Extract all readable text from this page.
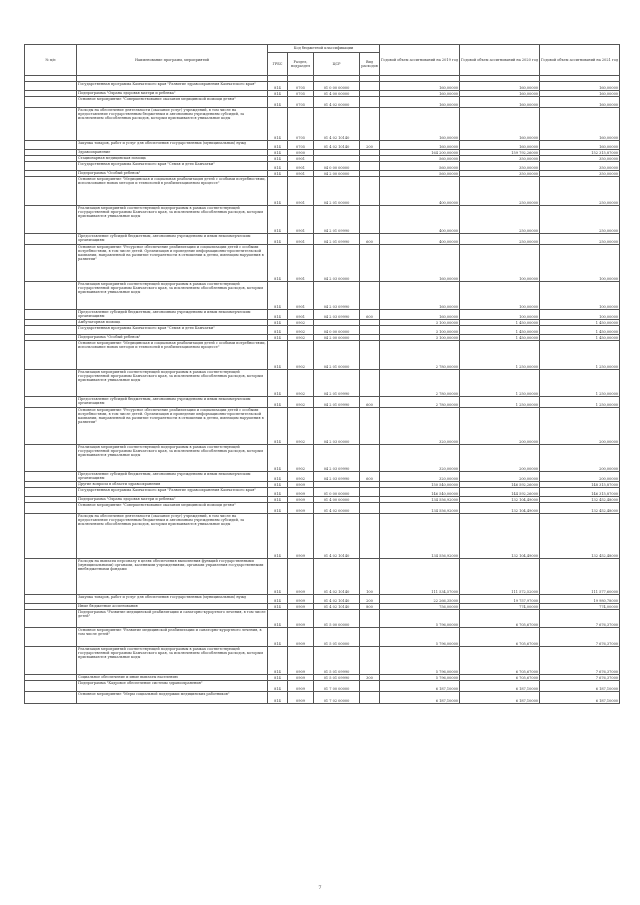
№ п/п	Наименование программ, мероприятий	Код бюджетной классификации				Годовой объем ассигнований на 2019 год	Годовой объем ассигнований на 2020 год	Годовой объем ассигнований на 2021 год
		ГРБС	Раздел, подраздел	ЦСР	Вид расходов			

	Государственная программа Камчатского края "Развитие здравоохранения Камчатского края"	814	0705	01 0 00 00000		160,00000	160,00000	160,00000
	Подпрограмма "Охрана здоровья матери и ребенка"	814	0705	01 4 00 00000		160,00000	160,00000	160,00000
	Основное мероприятие "Совершенствование оказания медицинской помощи детям"	814	0705	01 4 02 00000		160,00000	160,00000	160,00000
	Расходы на обеспечение деятельности (оказание услуг) учреждений, в том числе на предоставление государственным бюджетным и автономным учреждениям субсидий, за исключением обособленных расходов, которым присваиваются уникальные коды	814	0705	01 4 02 10140		160,00000	160,00000	160,00000
	Закупка товаров, работ и услуг для обеспечения государственных (муниципальных) нужд	814	0705	01 4 02 10140	200	160,00000	160,00000	160,00000
	Здравоохранение	814	0900			164 200,00000	159 792,26000	152 315,87000
	Стационарная медицинская помощь	814	0901			560,00000	350,00000	350,00000
	Государственная программа Камчатского края "Семья и дети Камчатки"	814	0901	04 0 00 00000		560,00000	350,00000	350,00000
	Подпрограмма "Особый ребенок"	814	0901	04 2 00 00000		560,00000	350,00000	350,00000
	Основное мероприятие "Медицинская и социальная реабилитация детей с особыми потребностями, использование новых методов и технологий в реабилитационном процессе"	814	0901	04 2 01 00000		400,00000	250,00000	250,00000
	Реализация мероприятий соответствующей подпрограммы в рамках соответствующей государственной программы Камчатского края, за исключением обособленных расходов, которым присваиваются уникальные коды	814	0901	04 2 01 09990		400,00000	250,00000	250,00000
	Предоставление субсидий бюджетным, автономным учреждениям и иным некоммерческим организациям	814	0901	04 2 01 09990	600	400,00000	250,00000	250,00000
	Основное мероприятие "Ресурсное обеспечение реабилитации и социализации детей с особыми потребностями, в том числе детей. Организация и проведение информационно-просветительской кампании, направленной на развитие толерантности в отношении к детям, имеющим нарушения в развитии"	814	0901	04 2 03 00000		160,00000	100,00000	100,00000
	Реализация мероприятий соответствующей подпрограммы в рамках соответствующей государственной программы Камчатского края, за исключением обособленных расходов, которым присваиваются уникальные коды	814	0901	04 2 03 09990		160,00000	100,00000	100,00000
	Предоставление субсидий бюджетным, автономным учреждениям и иным некоммерческим организациям	814	0901	04 2 03 09990	600	160,00000	100,00000	100,00000
	Амбулаторная помощь	814	0902			3 100,00000	1 450,00000	1 450,00000
	Государственная программа Камчатского края "Семья и дети Камчатки"	814	0902	04 0 00 00000		3 100,00000	1 450,00000	1 450,00000
	Подпрограмма "Особый ребенок"	814	0902	04 2 00 00000		3 100,00000	1 450,00000	1 450,00000
	Основное мероприятие "Медицинская и социальная реабилитация детей с особыми потребностями, использование новых методов и технологий в реабилитационном процессе"	814	0902	04 2 01 00000		2 780,00000	1 250,00000	1 250,00000
	Реализация мероприятий соответствующей подпрограммы в рамках соответствующей государственной программы Камчатского края, за исключением обособленных расходов, которым присваиваются уникальные коды	814	0902	04 2 01 09990		2 780,00000	1 250,00000	1 250,00000
	Предоставление субсидий бюджетным, автономным учреждениям и иным некоммерческим организациям	814	0902	04 2 01 09990	600	2 780,00000	1 250,00000	1 250,00000
	Основное мероприятие "Ресурсное обеспечение реабилитации и социализации детей с особыми потребностями, в том числе детей. Организация и проведение информационно-просветительской кампании, направленной на развитие толерантности в отношении к детям, имеющим нарушения в развитии"	814	0902	04 2 03 00000		320,00000	200,00000	200,00000
	Реализация мероприятий соответствующей подпрограммы в рамках соответствующей государственной программы Камчатского края, за исключением обособленных расходов, которым присваиваются уникальные коды	814	0902	04 2 03 09990		320,00000	200,00000	200,00000
	Предоставление субсидий бюджетным, автономным учреждениям и иным некоммерческим организациям	814	0902	04 2 03 09990	600	320,00000	200,00000	200,00000
	Другие вопросы в области здравоохранения	814	0909			150 540,00000	146 592,26000	148 315,87000
	Государственная программа Камчатского края "Развитие здравоохранения Камчатского края"	814	0909	01 0 00 00000		146 540,00000	144 592,26000	146 315,87000
	Подпрограмма "Охрана здоровья матери и ребенка"	814	0909	01 4 00 00000		134 556,92000	132 104,49000	132 452,48000
	Основное мероприятие "Совершенствование оказания медицинской помощи детям"	814	0909	01 4 02 00000		134 556,92000	132 104,49000	132 452,48000
	Расходы на обеспечение деятельности (оказание услуг) учреждений, в том числе на предоставление государственным бюджетным и автономным учреждениям субсидий, за исключением обособленных расходов, которым присваиваются уникальные коды	814	0909	01 4 02 10140		134 556,92000	132 104,49000	132 452,48000
	Расходы на выплаты персоналу в целях обеспечения выполнения функций государственными (муниципальными) органами, казенными учреждениями, органами управления государственными внебюджетными фондами	814	0909	01 4 02 10140	100	111 534,57000	111 572,52000	111 577,60000
	Закупка товаров, работ и услуг для обеспечения государственных (муниципальных) нужд	814	0909	01 4 02 10140	200	22 266,35000	19 757,97000	19 980,78000
	Иные бюджетные ассигнования	814	0909	01 4 02 10140	800	756,00000	774,00000	774,00000
	Подпрограмма "Развитие медицинской реабилитации и санаторно-курортного лечения, в том числе детей"	814	0909	01 5 00 00000		5 796,00000	6 705,67000	7 676,37000
	Основное мероприятие "Развитие медицинской реабилитации и санаторно-курортного лечения, в том числе детей"	814	0909	01 5 01 00000		5 796,00000	6 705,67000	7 676,37000
	Реализация мероприятий соответствующей подпрограммы в рамках соответствующей государственной программы Камчатского края, за исключением обособленных расходов, которым присваиваются уникальные коды	814	0909	01 5 01 09990		5 796,00000	6 705,67000	7 676,37000
	Социальное обеспечение и иные выплаты населению	814	0909	01 5 01 09990	300	5 796,00000	6 705,67000	7 676,37000
	Подпрограмма "Кадровое обеспечение системы здравоохранения"	814	0909	01 7 00 00000		6 187,10000	6 187,10000	6 187,10000
	Основное мероприятие "Меры социальной поддержки медицинских работников"	814	0909	01 7 02 00000		6 187,10000	6 187,10000	6 187,10000
7
